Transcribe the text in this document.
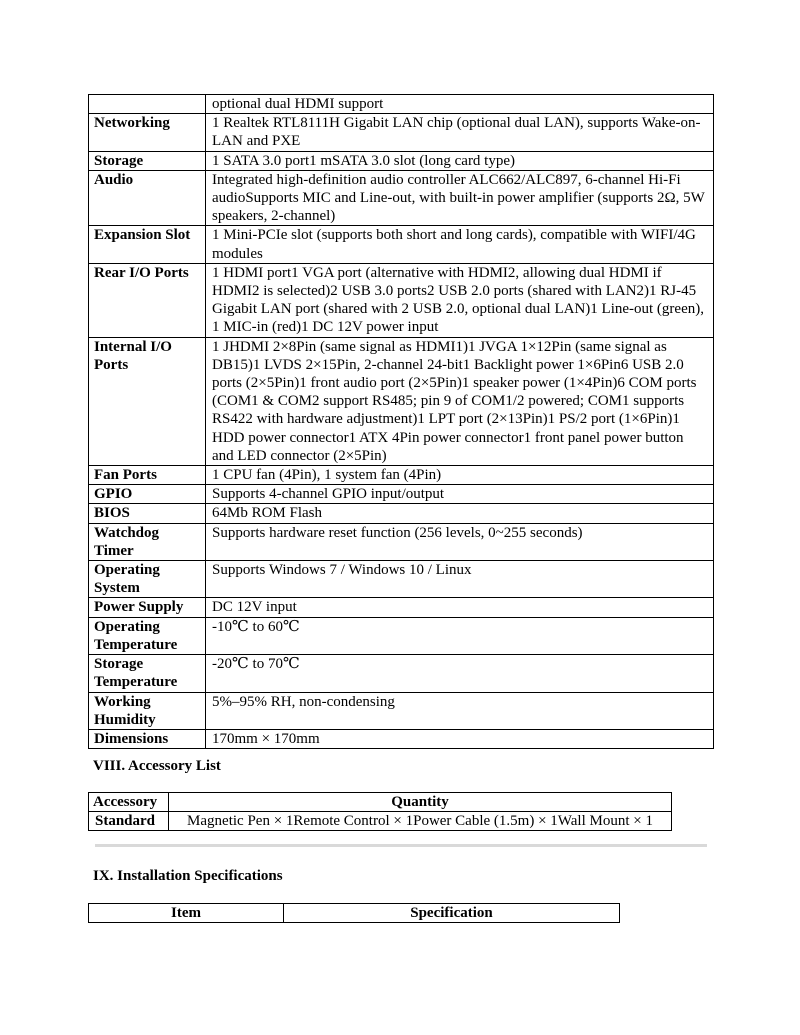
	optional dual HDMI support
Networking	1 Realtek RTL8111H Gigabit LAN chip (optional dual LAN), supports Wake-on-LAN and PXE
Storage	1 SATA 3.0 port1 mSATA 3.0 slot (long card type)
Audio	Integrated high-definition audio controller ALC662/ALC897, 6-channel Hi-Fi audioSupports MIC and Line-out, with built-in power amplifier (supports 2Ω, 5W speakers, 2-channel)
Expansion Slot	1 Mini-PCIe slot (supports both short and long cards), compatible with WIFI/4G modules
Rear I/O Ports	1 HDMI port1 VGA port (alternative with HDMI2, allowing dual HDMI if HDMI2 is selected)2 USB 3.0 ports2 USB 2.0 ports (shared with LAN2)1 RJ-45 Gigabit LAN port (shared with 2 USB 2.0, optional dual LAN)1 Line-out (green), 1 MIC-in (red)1 DC 12V power input
Internal I/O Ports	1 JHDMI 2×8Pin (same signal as HDMI1)1 JVGA 1×12Pin (same signal as DB15)1 LVDS 2×15Pin, 2-channel 24-bit1 Backlight power 1×6Pin6 USB 2.0 ports (2×5Pin)1 front audio port (2×5Pin)1 speaker power (1×4Pin)6 COM ports (COM1 & COM2 support RS485; pin 9 of COM1/2 powered; COM1 supports RS422 with hardware adjustment)1 LPT port (2×13Pin)1 PS/2 port (1×6Pin)1 HDD power connector1 ATX 4Pin power connector1 front panel power button and LED connector (2×5Pin)
Fan Ports	1 CPU fan (4Pin), 1 system fan (4Pin)
GPIO	Supports 4-channel GPIO input/output
BIOS	64Mb ROM Flash
Watchdog Timer	Supports hardware reset function (256 levels, 0~255 seconds)
Operating System	Supports Windows 7 / Windows 10 / Linux
Power Supply	DC 12V input
Operating Temperature	-10℃ to 60℃
Storage Temperature	-20℃ to 70℃
Working Humidity	5%–95% RH, non-condensing
Dimensions	170mm × 170mm
VIII. Accessory List
Accessory	Quantity
Standard	Magnetic Pen × 1Remote Control × 1Power Cable (1.5m) × 1Wall Mount × 1
IX. Installation Specifications
Item	Specification
